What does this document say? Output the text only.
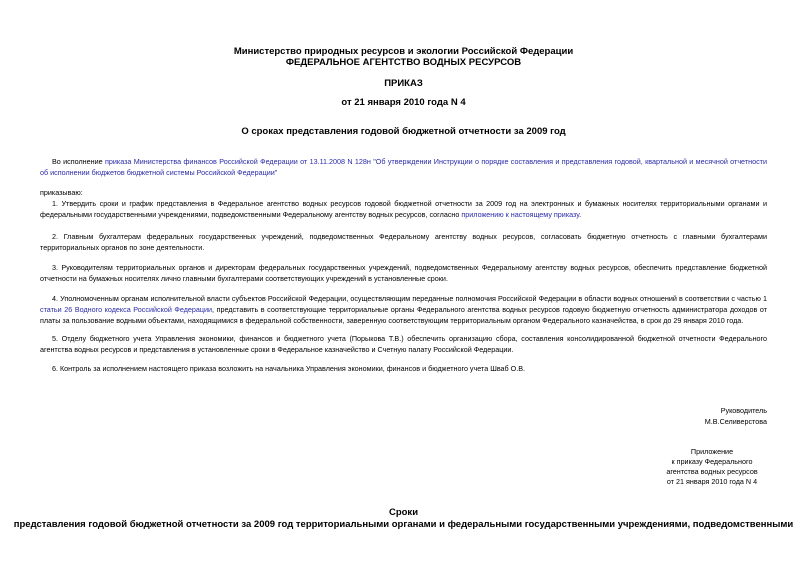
Министерство природных ресурсов и экологии Российской Федерации
ФЕДЕРАЛЬНОЕ АГЕНТСТВО ВОДНЫХ РЕСУРСОВ
ПРИКАЗ
от 21 января 2010 года N 4
О сроках представления годовой бюджетной отчетности за 2009 год
Во исполнение приказа Министерства финансов Российской Федерации от 13.11.2008 N 128н "Об утверждении Инструкции о порядке составления и представления годовой, квартальной и месячной отчетности об исполнении бюджетов бюджетной системы Российской Федерации"
приказываю:
1. Утвердить сроки и график представления в Федеральное агентство водных ресурсов годовой бюджетной отчетности за 2009 год на электронных и бумажных носителях территориальными органами и федеральными государственными учреждениями, подведомственными Федеральному агентству водных ресурсов, согласно приложению к настоящему приказу.
2. Главным бухгалтерам федеральных государственных учреждений, подведомственных Федеральному агентству водных ресурсов, согласовать бюджетную отчетность с главными бухгалтерами территориальных органов по зоне деятельности.
3. Руководителям территориальных органов и директорам федеральных государственных учреждений, подведомственных Федеральному агентству водных ресурсов, обеспечить представление бюджетной отчетности на бумажных носителях лично главными бухгалтерами соответствующих учреждений в установленные сроки.
4. Уполномоченным органам исполнительной власти субъектов Российской Федерации, осуществляющим переданные полномочия Российской Федерации в области водных отношений в соответствии с частью 1 статьи 26 Водного кодекса Российской Федерации, представить в соответствующие территориальные органы Федерального агентства водных ресурсов годовую бюджетную отчетность администратора доходов от платы за пользование водными объектами, находящимися в федеральной собственности, заверенную соответствующим территориальным органом Федерального казначейства, в срок до 29 января 2010 года.
5. Отделу бюджетного учета Управления экономики, финансов и бюджетного учета (Порыкова Т.В.) обеспечить организацию сбора, составления консолидированной бюджетной отчетности Федерального агентства водных ресурсов и представления в установленные сроки в Федеральное казначейство и Счетную палату Российской Федерации.
6. Контроль за исполнением настоящего приказа возложить на начальника Управления экономики, финансов и бюджетного учета Шваб О.В.
Руководитель
М.В.Селиверстова
Приложение
к приказу Федерального
агентства водных ресурсов
от 21 января 2010 года N 4
Сроки
представления годовой бюджетной отчетности за 2009 год территориальными органами и федеральными государственными учреждениями, подведомственными
